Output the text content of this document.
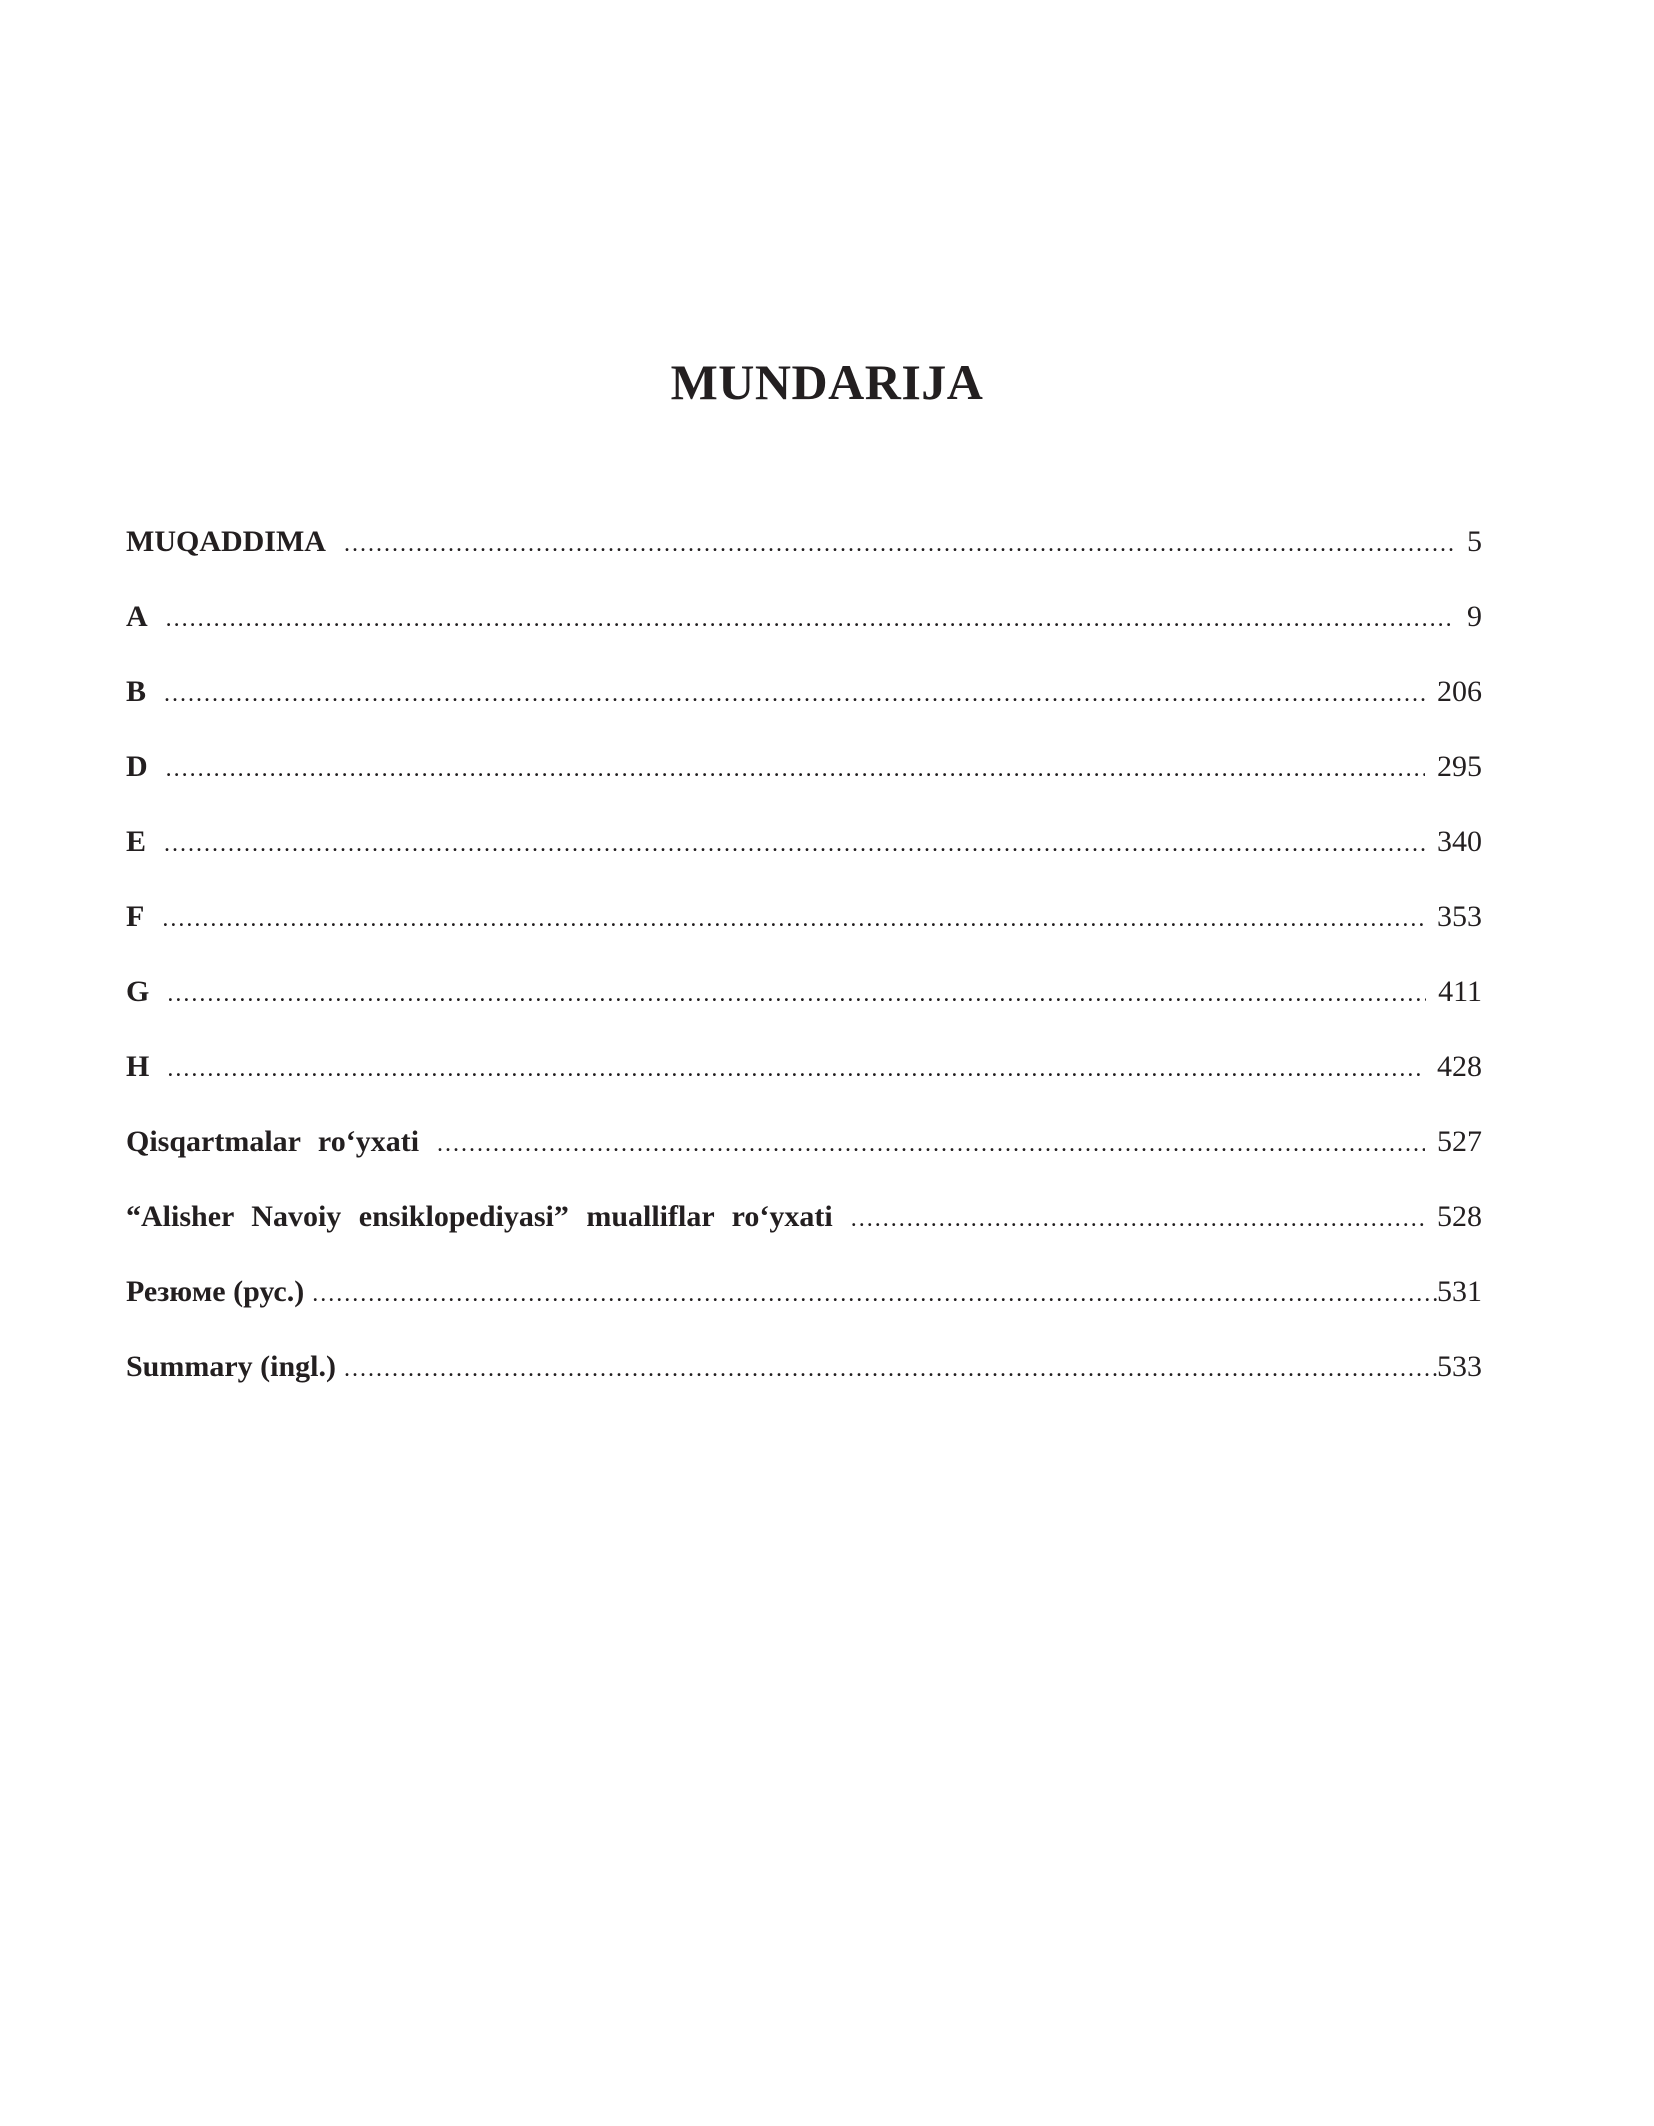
MUNDARIJA
MUQADDIMA .....	5
A .....	9
B .....	206
D .....	295
E .....	340
F .....	353
G .....	411
H .....	428
Qisqartmalar ro‘yxati .....	527
“Alisher Navoiy ensiklopediyasi” mualliflar ro‘yxati .....	528
Резюме (рус.) .....	531
Summary (ingl.) .....	533
